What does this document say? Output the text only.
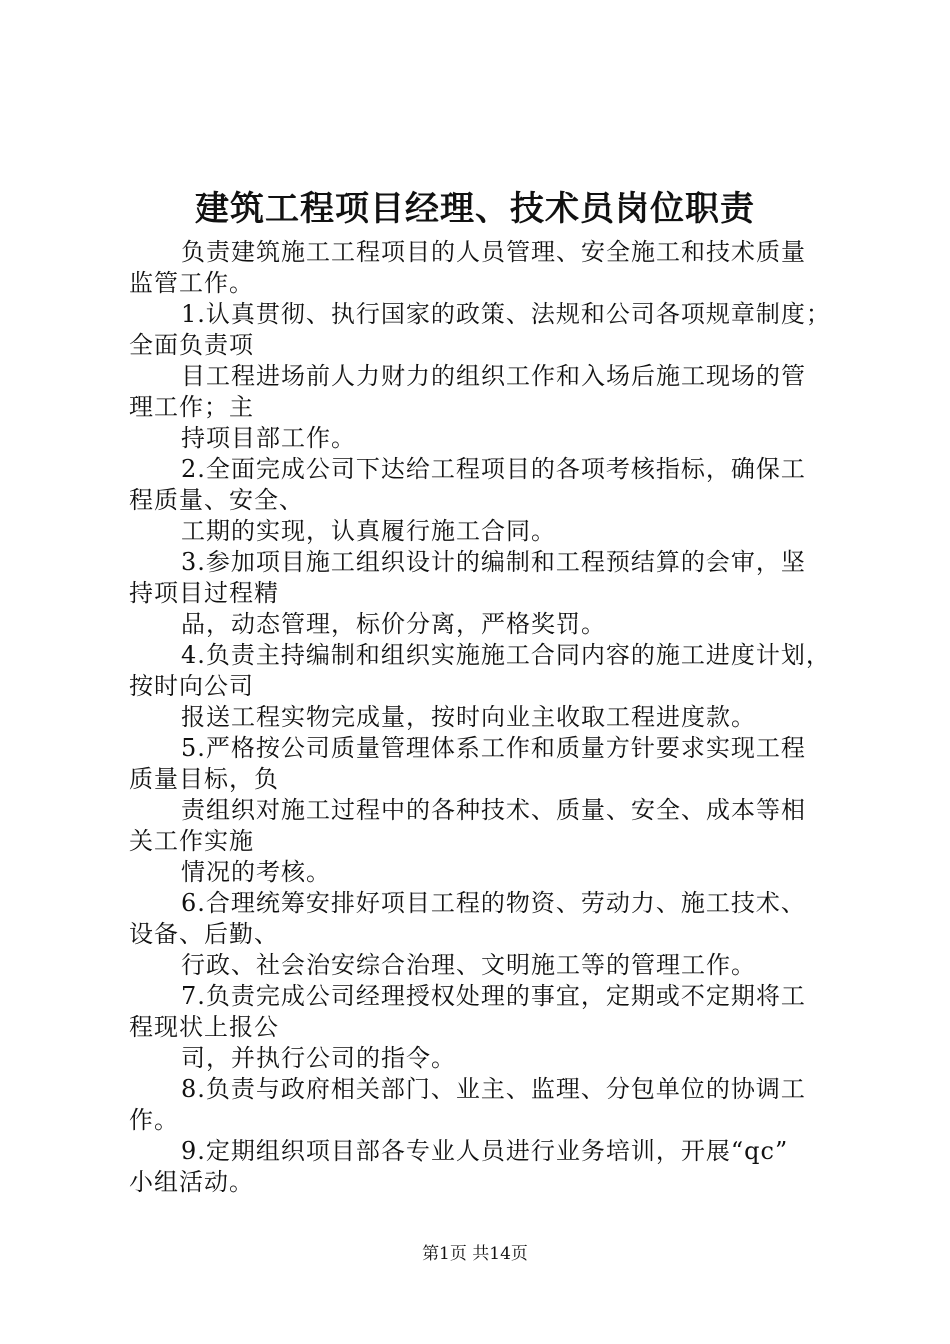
建筑工程项目经理、技术员岗位职责

负责建筑施工工程项目的人员管理、安全施工和技术质量

监管工作。

1.认真贯彻、执行国家的政策、法规和公司各项规章制度；

全面负责项

目工程进场前人力财力的组织工作和入场后施工现场的管

理工作；主

持项目部工作。

2.全面完成公司下达给工程项目的各项考核指标，确保工

程质量、安全、

工期的实现，认真履行施工合同。

3.参加项目施工组织设计的编制和工程预结算的会审，坚

持项目过程精

品，动态管理，标价分离，严格奖罚。

4.负责主持编制和组织实施施工合同内容的施工进度计划，

按时向公司

报送工程实物完成量，按时向业主收取工程进度款。

5.严格按公司质量管理体系工作和质量方针要求实现工程

质量目标，负

责组织对施工过程中的各种技术、质量、安全、成本等相

关工作实施

情况的考核。

6.合理统筹安排好项目工程的物资、劳动力、施工技术、

设备、后勤、

行政、社会治安综合治理、文明施工等的管理工作。

7.负责完成公司经理授权处理的事宜，定期或不定期将工

程现状上报公

司，并执行公司的指令。

8.负责与政府相关部门、业主、监理、分包单位的协调工

作。

9.定期组织项目部各专业人员进行业务培训，开展“qc”

小组活动。

第1页 共14页
